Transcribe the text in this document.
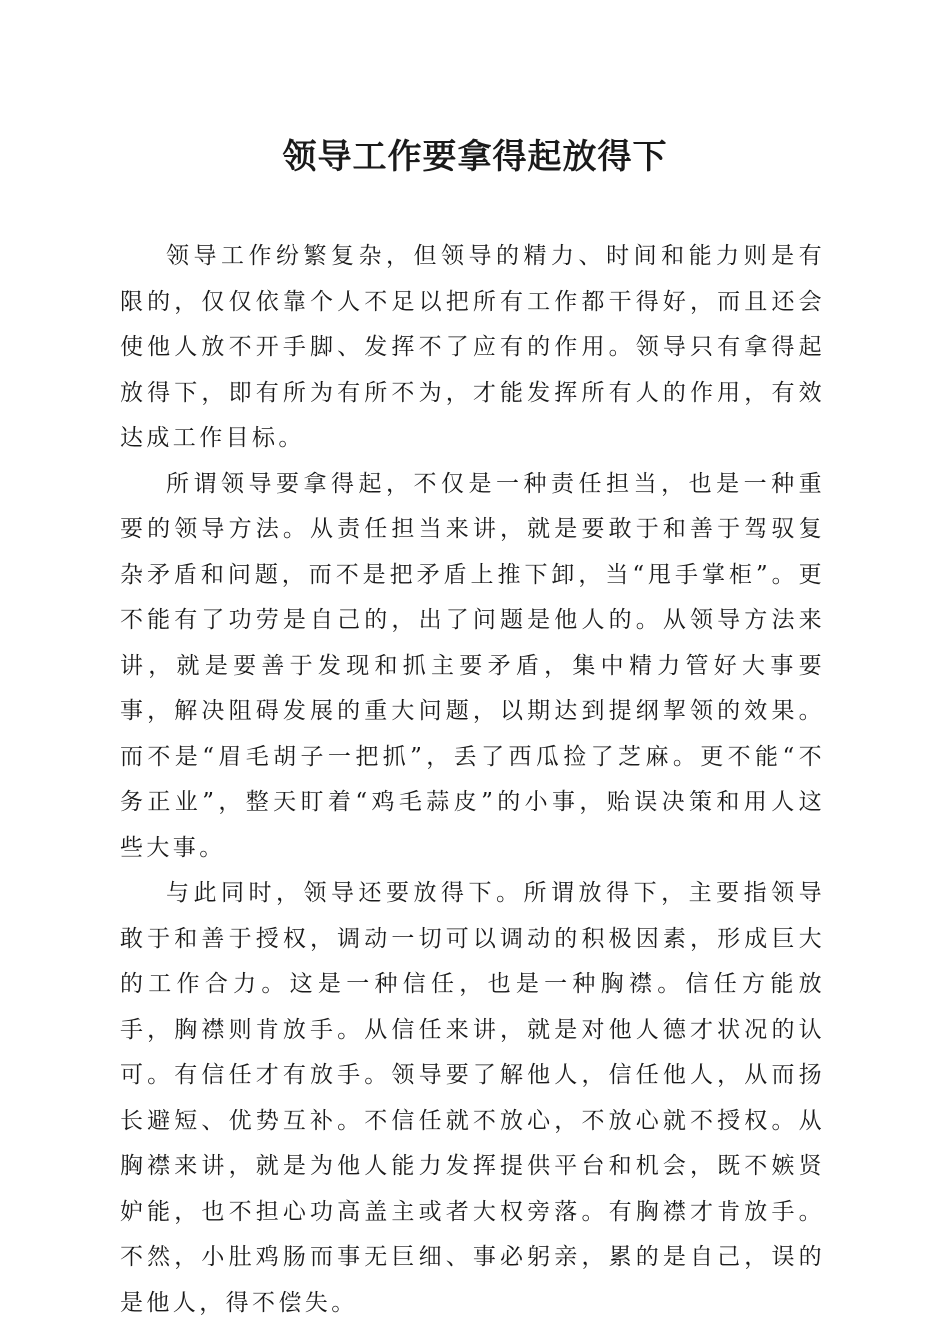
领导工作要拿得起放得下

领导工作纷繁复杂，但领导的精力、时间和能力则是有限的，仅仅依靠个人不足以把所有工作都干得好，而且还会使他人放不开手脚、发挥不了应有的作用。领导只有拿得起放得下，即有所为有所不为，才能发挥所有人的作用，有效达成工作目标。

所谓领导要拿得起，不仅是一种责任担当，也是一种重要的领导方法。从责任担当来讲，就是要敢于和善于驾驭复杂矛盾和问题，而不是把矛盾上推下卸，当“甩手掌柜”。更不能有了功劳是自己的，出了问题是他人的。从领导方法来讲，就是要善于发现和抓主要矛盾，集中精力管好大事要事，解决阻碍发展的重大问题，以期达到提纲挈领的效果。而不是“眉毛胡子一把抓”，丢了西瓜捡了芝麻。更不能“不务正业”，整天盯着“鸡毛蒜皮”的小事，贻误决策和用人这些大事。

与此同时，领导还要放得下。所谓放得下，主要指领导敢于和善于授权，调动一切可以调动的积极因素，形成巨大的工作合力。这是一种信任，也是一种胸襟。信任方能放手，胸襟则肯放手。从信任来讲，就是对他人德才状况的认可。有信任才有放手。领导要了解他人，信任他人，从而扬长避短、优势互补。不信任就不放心，不放心就不授权。从胸襟来讲，就是为他人能力发挥提供平台和机会，既不嫉贤妒能，也不担心功高盖主或者大权旁落。有胸襟才肯放手。不然，小肚鸡肠而事无巨细、事必躬亲，累的是自己，误的是他人，得不偿失。
